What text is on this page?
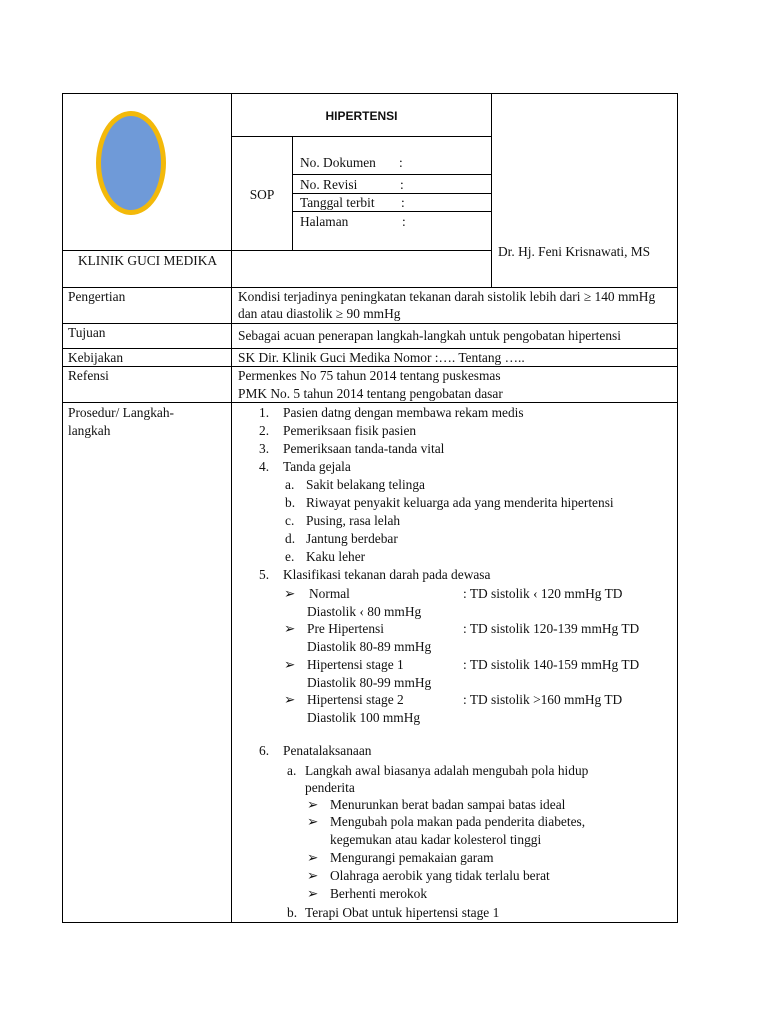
KLINIK GUCI MEDIKA
HIPERTENSI
SOP
No. Dokumen :
No. Revisi	:
Tanggal terbit :
Halaman	:
Dr. Hj. Feni Krisnawati, MS
Pengertian	Kondisi terjadinya peningkatan tekanan darah sistolik lebih dari ≥ 140 mmHg dan atau diastolik ≥ 90 mmHg
Tujuan	Sebagai acuan penerapan langkah-langkah untuk pengobatan hipertensi
Kebijakan	SK Dir. Klinik Guci Medika Nomor :…. Tentang …..
Refensi	Permenkes No 75 tahun 2014 tentang puskesmas
PMK No. 5 tahun 2014 tentang pengobatan dasar
Prosedur/ Langkah-
langkah
1. Pasien datng dengan membawa rekam medis
2. Pemeriksaan fisik pasien
3. Pemeriksaan tanda-tanda vital
4. Tanda gejala
a. Sakit belakang telinga
b. Riwayat penyakit keluarga ada yang menderita hipertensi
c. Pusing, rasa lelah
d. Jantung berdebar
e. Kaku leher
5. Klasifikasi tekanan darah pada dewasa
➢ Normal	: TD sistolik ‹ 120 mmHg TD
Diastolik ‹ 80 mmHg
➢ Pre Hipertensi	: TD sistolik 120-139 mmHg TD
Diastolik 80-89 mmHg
➢ Hipertensi stage 1	: TD sistolik 140-159 mmHg TD
Diastolik 80-99 mmHg
➢ Hipertensi stage 2	: TD sistolik >160 mmHg TD
Diastolik 100 mmHg
6. Penatalaksanaan
a. Langkah awal biasanya adalah mengubah pola hidup
penderita
➢ Menurunkan berat badan sampai batas ideal
➢ Mengubah pola makan pada penderita diabetes,
kegemukan atau kadar kolesterol tinggi
➢ Mengurangi pemakaian garam
➢ Olahraga aerobik yang tidak terlalu berat
➢ Berhenti merokok
b. Terapi Obat untuk hipertensi stage 1
